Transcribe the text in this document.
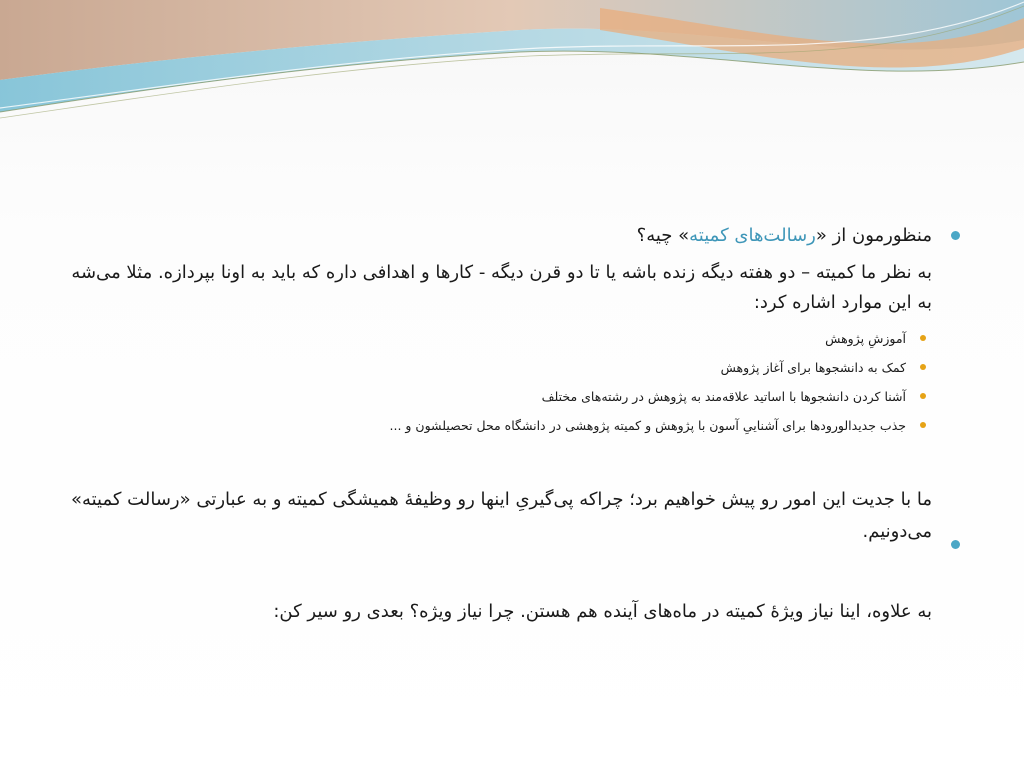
منظورمون از «رسالت‌های کمیته» چیه؟

به نظر ما کمیته – دو هفته دیگه زنده باشه یا تا دو قرن دیگه - کارها و اهدافی داره که باید به اونا بپردازه. مثلا می‌شه به این موارد اشاره کرد:

آموزشِ پژوهش
کمک به دانشجوها برای آغاز پژوهش
آشنا کردن دانشجوها با اساتید علاقه‌مند به پژوهش در رشته‌های مختلف
جذب جدیدالورودها برای آشناییِ آسون با پژوهش و کمیته پژوهشی در دانشگاه محل تحصیلشون و ...

ما با جدیت این امور رو پیش خواهیم برد؛ چراکه پی‌گیریِ اینها رو وظیفهٔ همیشگی کمیته و به عبارتی «رسالت کمیته» می‌دونیم.

به علاوه، اینا نیاز ویژهٔ کمیته در ماه‌های آینده هم هستن. چرا نیاز ویژه؟ بعدی رو سیر کن:
